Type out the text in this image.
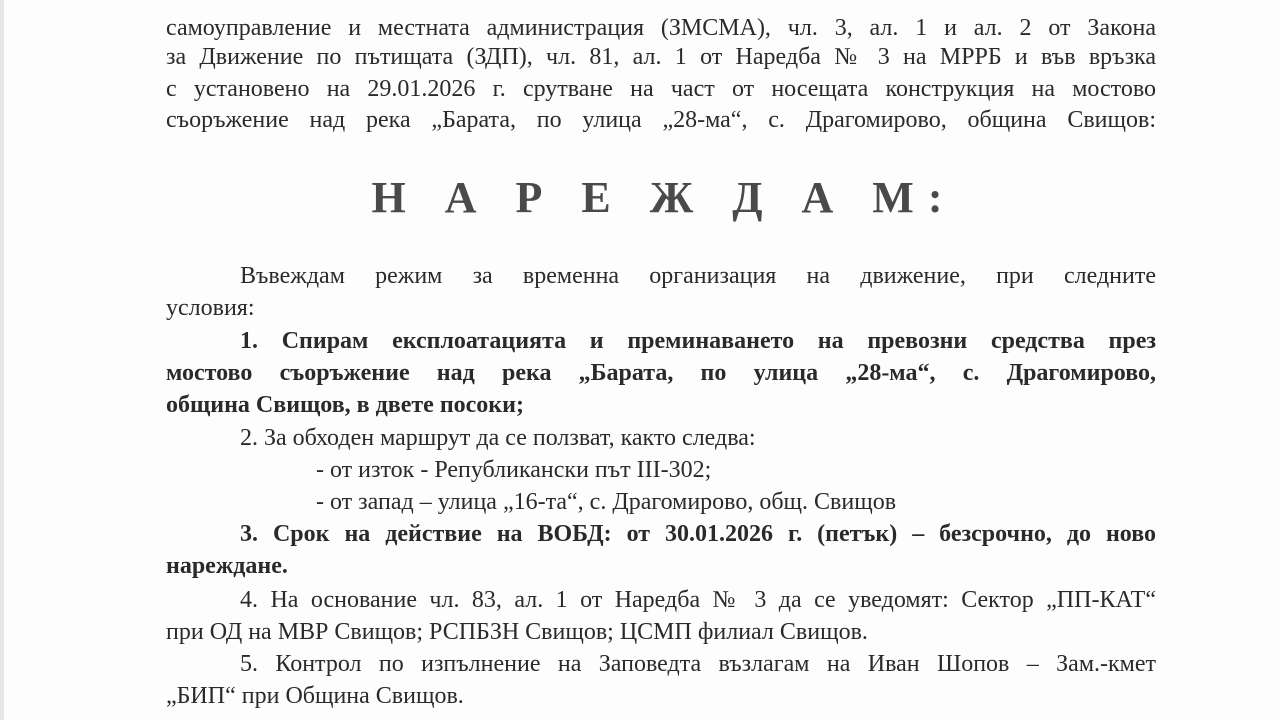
самоуправление и местната администрация (ЗМСМА), чл. 3, ал. 1 и ал. 2 от Закона
за Движение по пътищата (ЗДП), чл. 81, ал. 1 от Наредба № 3 на МРРБ и във връзка
с установено на 29.01.2026 г. срутване на част от носещата конструкция на мостово
съоръжение над река „Барата, по улица „28-ма“, с. Драгомирово, община Свищов:
Н А Р Е Ж Д А М:
Въвеждам режим за временна организация на движение, при следните
условия:
1. Спирам експлоатацията и преминаването на превозни средства през
мостово съоръжение над река „Барата, по улица „28-ма“, с. Драгомирово,
община Свищов, в двете посоки;
2. За обходен маршрут да се ползват, както следва:
- от изток - Републикански път III-302;
- от запад – улица „16-та“, с. Драгомирово, общ. Свищов
3. Срок на действие на ВОБД: от 30.01.2026 г. (петък) – безсрочно, до ново
нареждане.
4. На основание чл. 83, ал. 1 от Наредба № 3 да се уведомят: Сектор „ПП-КАТ“
при ОД на МВР Свищов; РСПБЗН Свищов; ЦСМП филиал Свищов.
5. Контрол по изпълнение на Заповедта възлагам на Иван Шопов – Зам.-кмет
„БИП“ при Община Свищов.
